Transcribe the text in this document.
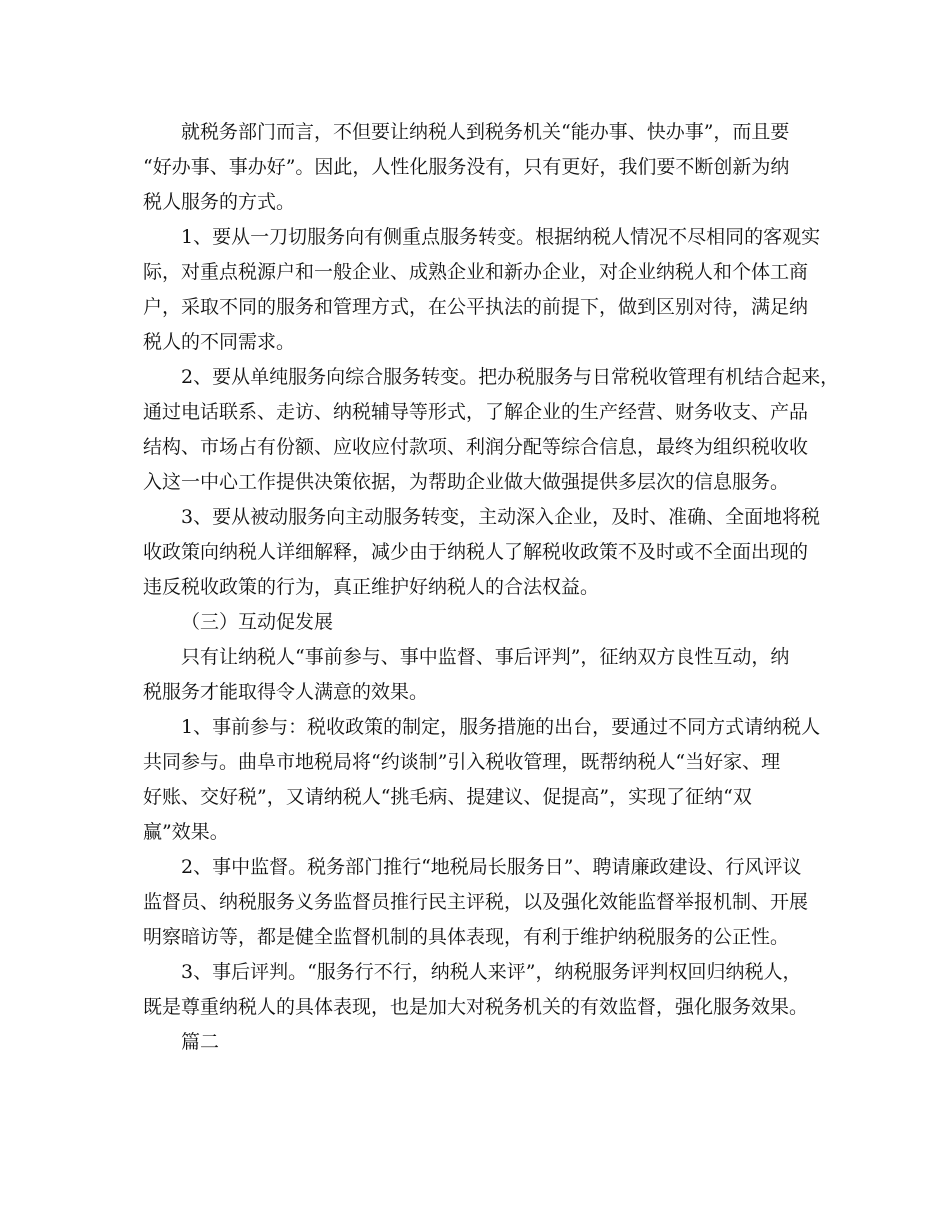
就税务部门而言，不但要让纳税人到税务机关“能办事、快办事”，而且要
“好办事、事办好”。因此，人性化服务没有，只有更好，我们要不断创新为纳
税人服务的方式。
1、要从一刀切服务向有侧重点服务转变。根据纳税人情况不尽相同的客观实
际，对重点税源户和一般企业、成熟企业和新办企业，对企业纳税人和个体工商
户，采取不同的服务和管理方式，在公平执法的前提下，做到区别对待，满足纳
税人的不同需求。
2、要从单纯服务向综合服务转变。把办税服务与日常税收管理有机结合起来，
通过电话联系、走访、纳税辅导等形式，了解企业的生产经营、财务收支、产品
结构、市场占有份额、应收应付款项、利润分配等综合信息，最终为组织税收收
入这一中心工作提供决策依据，为帮助企业做大做强提供多层次的信息服务。
3、要从被动服务向主动服务转变，主动深入企业，及时、准确、全面地将税
收政策向纳税人详细解释，减少由于纳税人了解税收政策不及时或不全面出现的
违反税收政策的行为，真正维护好纳税人的合法权益。
（三）互动促发展
只有让纳税人“事前参与、事中监督、事后评判”，征纳双方良性互动，纳
税服务才能取得令人满意的效果。
1、事前参与：税收政策的制定，服务措施的出台，要通过不同方式请纳税人
共同参与。曲阜市地税局将“约谈制”引入税收管理，既帮纳税人“当好家、理
好账、交好税”，又请纳税人“挑毛病、提建议、促提高”，实现了征纳“双
赢”效果。
2、事中监督。税务部门推行“地税局长服务日”、聘请廉政建设、行风评议
监督员、纳税服务义务监督员推行民主评税，以及强化效能监督举报机制、开展
明察暗访等，都是健全监督机制的具体表现，有利于维护纳税服务的公正性。
3、事后评判。“服务行不行，纳税人来评”，纳税服务评判权回归纳税人，
既是尊重纳税人的具体表现，也是加大对税务机关的有效监督，强化服务效果。
篇二
